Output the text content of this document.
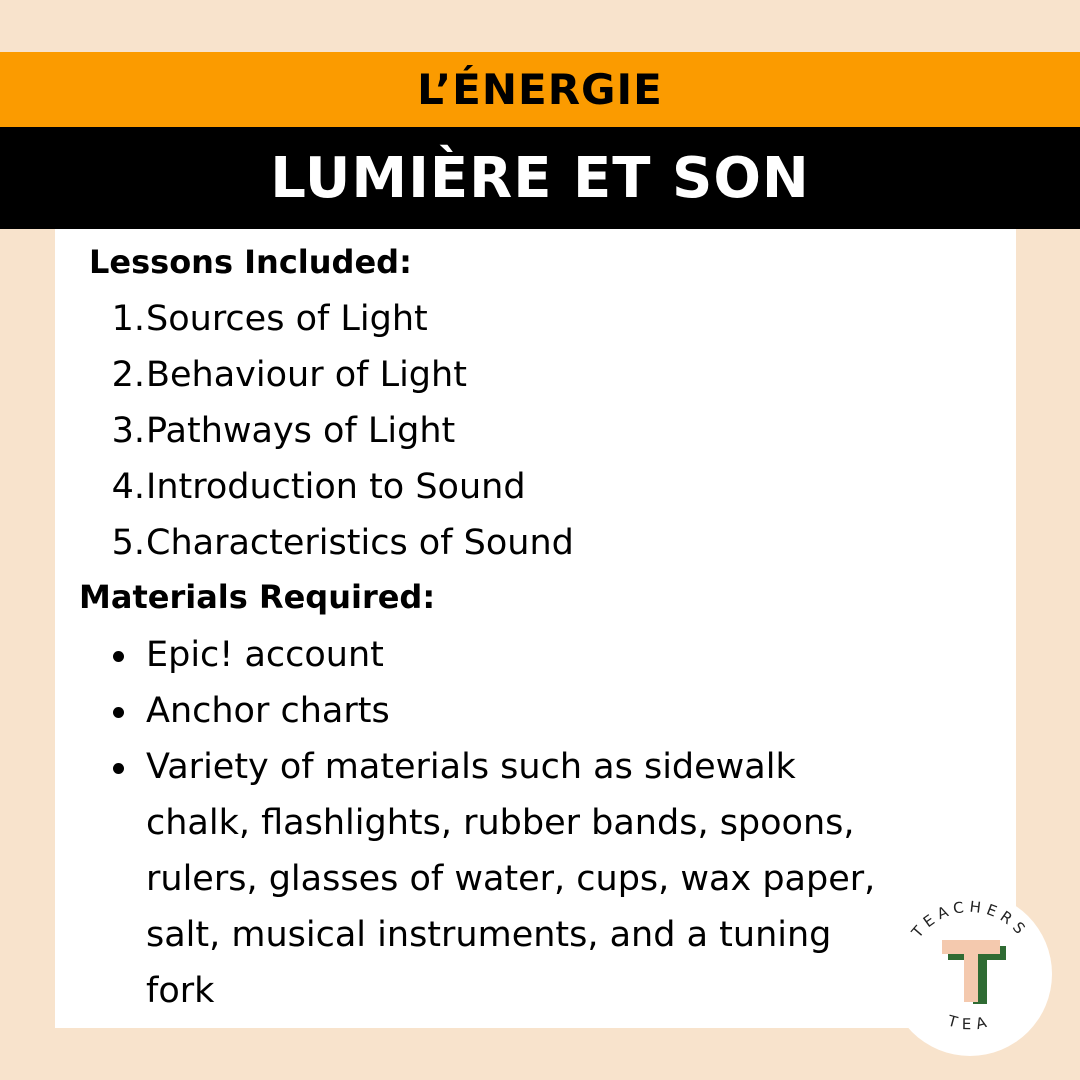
L’ÉNERGIE
LUMIÈRE ET SON
Lessons Included:
1. Sources of Light
2. Behaviour of Light
3. Pathways of Light
4. Introduction to Sound
5. Characteristics of Sound
Materials Required:
Epic! account
Anchor charts
Variety of materials such as sidewalk
chalk, flashlights, rubber bands, spoons,
rulers, glasses of water, cups, wax paper,
salt, musical instruments, and a tuning
fork
TEACHERS
TEA
